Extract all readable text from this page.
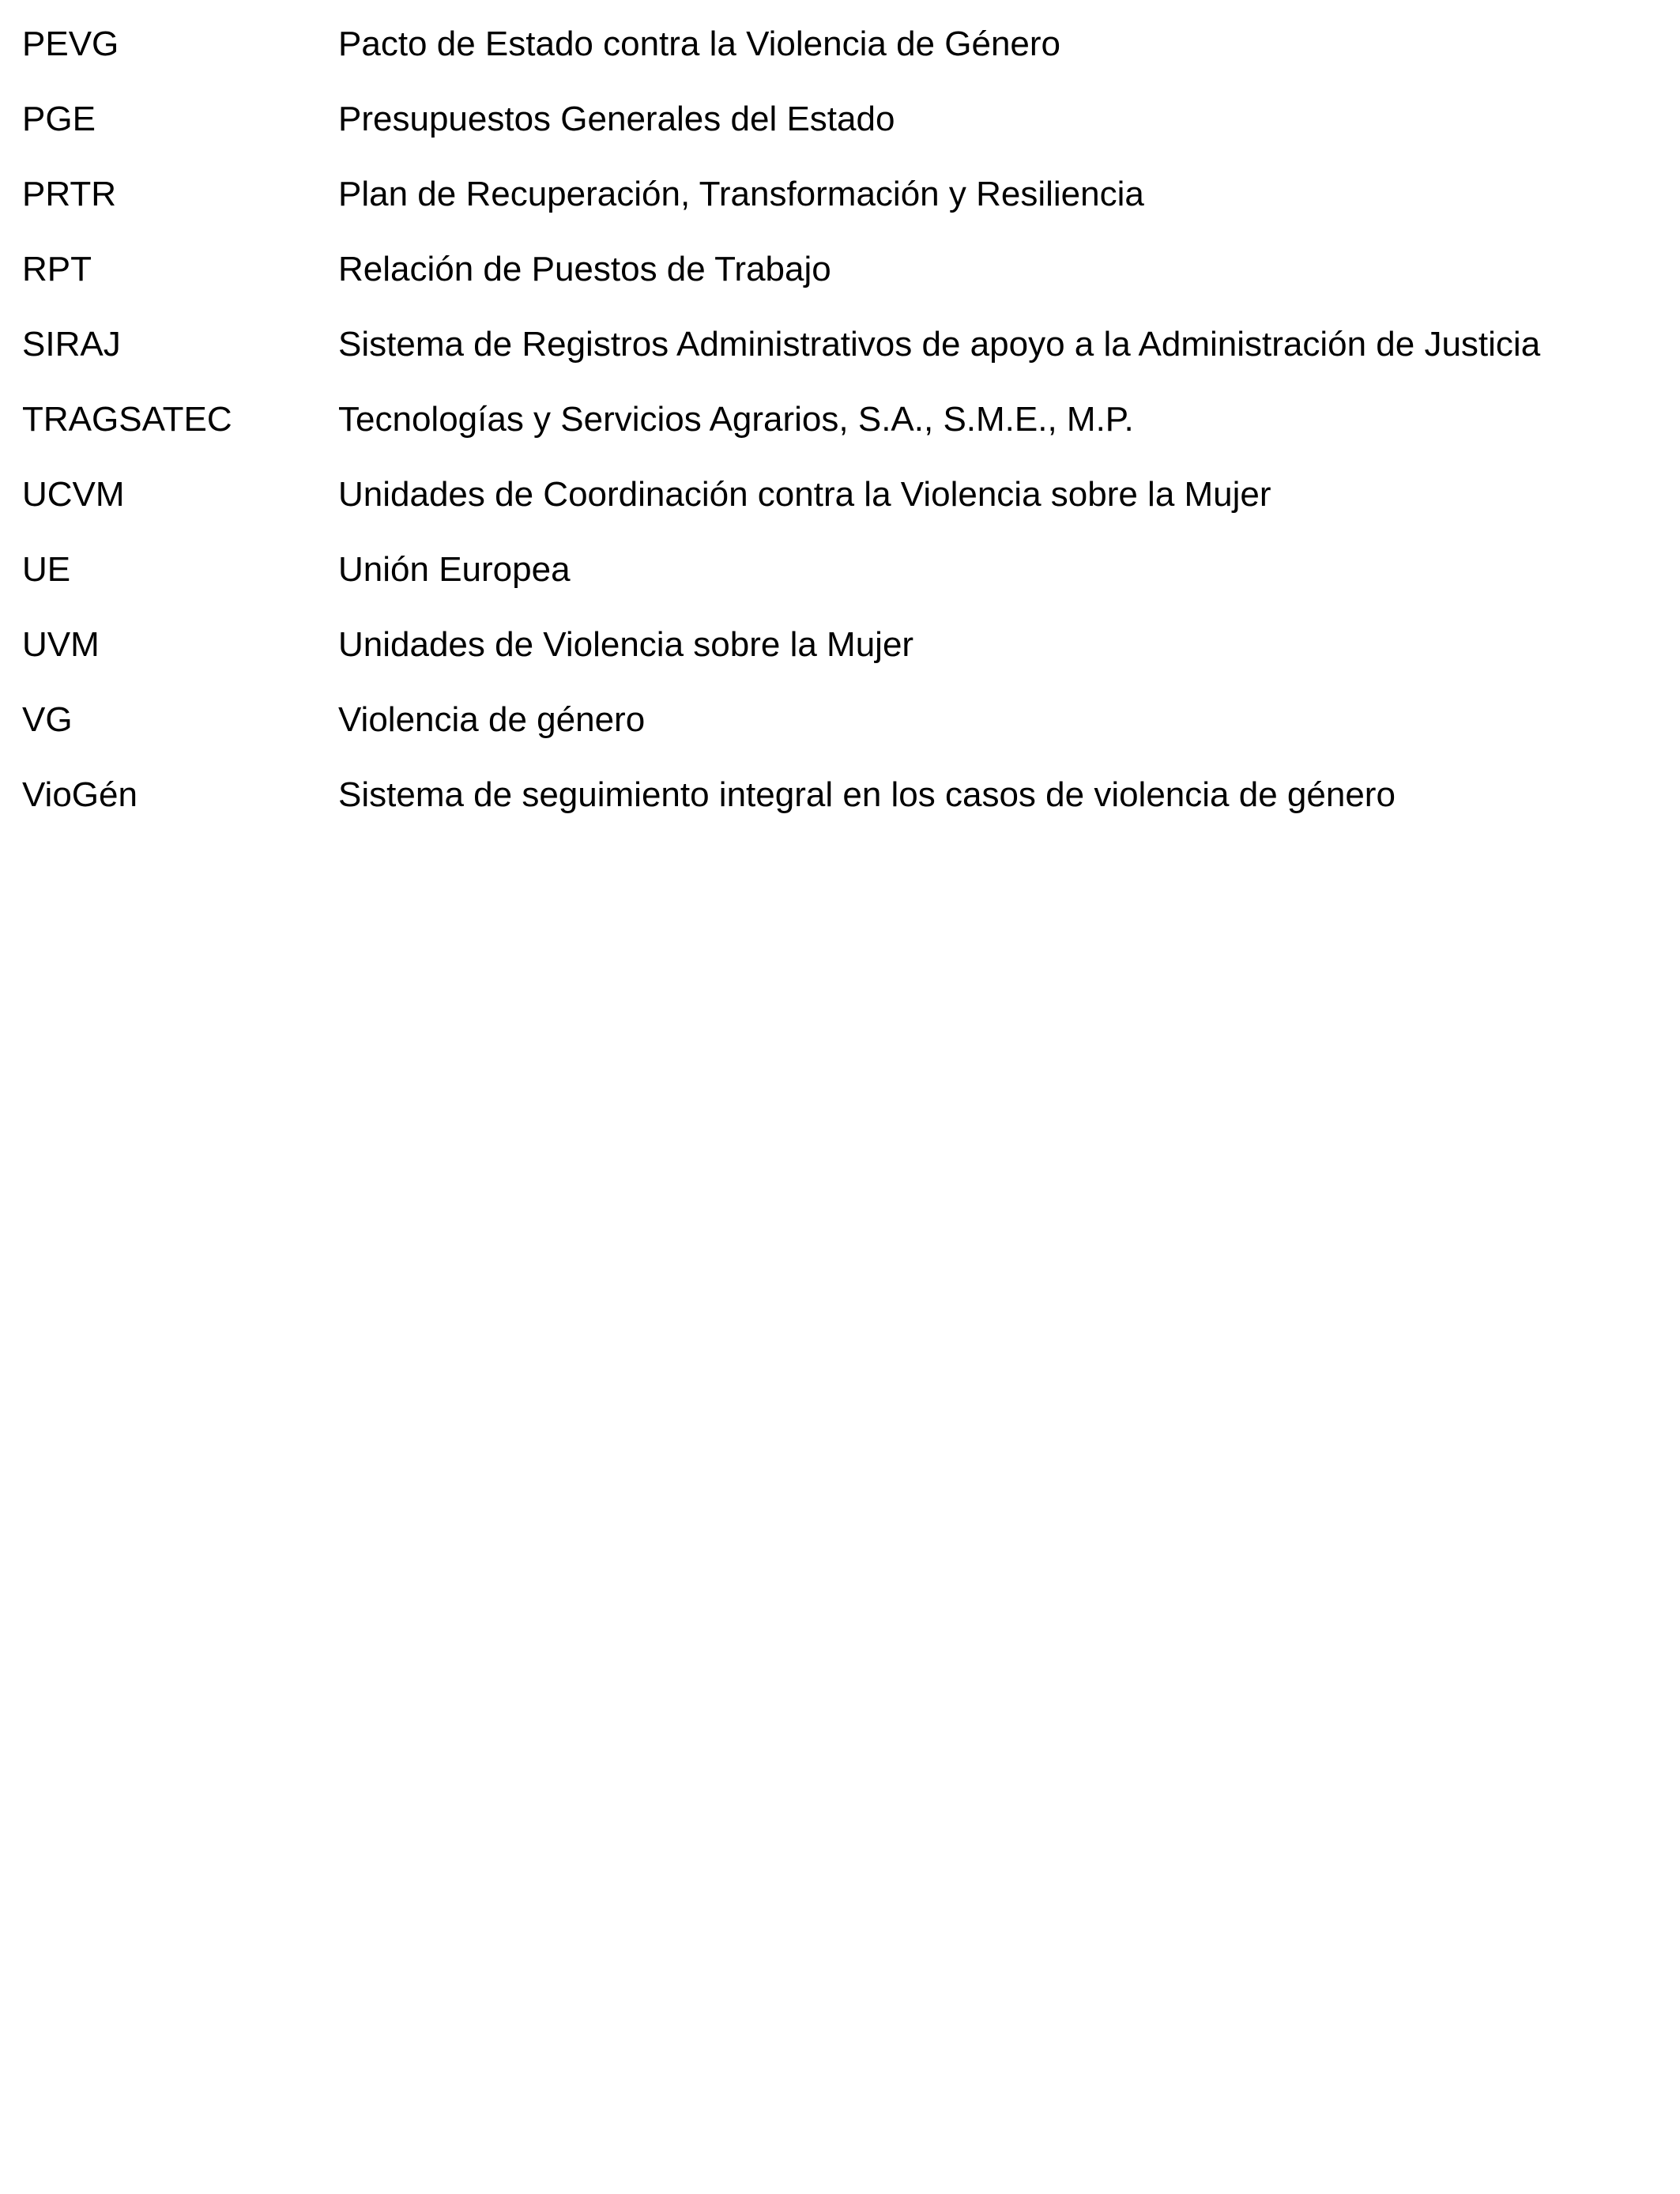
PEVG	Pacto de Estado contra la Violencia de Género
PGE	Presupuestos Generales del Estado
PRTR	Plan de Recuperación, Transformación y Resiliencia
RPT	Relación de Puestos de Trabajo
SIRAJ	Sistema de Registros Administrativos de apoyo a la Administración de Justicia
TRAGSATEC	Tecnologías y Servicios Agrarios, S.A., S.M.E., M.P.
UCVM	Unidades de Coordinación contra la Violencia sobre la Mujer
UE	Unión Europea
UVM	Unidades de Violencia sobre la Mujer
VG	Violencia de género
VioGén	Sistema de seguimiento integral en los casos de violencia de género
